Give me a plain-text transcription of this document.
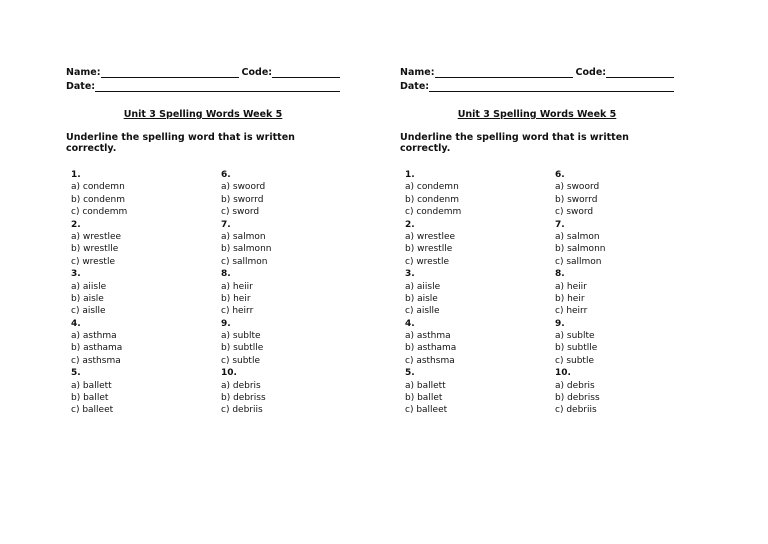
Name:	Code:
Date:
Unit 3 Spelling Words Week 5
Underline the spelling word that is written correctly.
1.
a) condemn
b) condenm
c) condemm
2.
a) wrestlee
b) wrestlle
c) wrestle
3.
a) aiisle
b) aisle
c) aislle
4.
a) asthma
b) asthama
c) asthsma
5.
a) ballett
b) ballet
c) balleet
6.
a) swoord
b) sworrd
c) sword
7.
a) salmon
b) salmonn
c) sallmon
8.
a) heiir
b) heir
c) heirr
9.
a) sublte
b) subtlle
c) subtle
10.
a) debris
b) debriss
c) debriis
Name:	Code:
Date:
Unit 3 Spelling Words Week 5
Underline the spelling word that is written correctly.
1.
a) condemn
b) condenm
c) condemm
2.
a) wrestlee
b) wrestlle
c) wrestle
3.
a) aiisle
b) aisle
c) aislle
4.
a) asthma
b) asthama
c) asthsma
5.
a) ballett
b) ballet
c) balleet
6.
a) swoord
b) sworrd
c) sword
7.
a) salmon
b) salmonn
c) sallmon
8.
a) heiir
b) heir
c) heirr
9.
a) sublte
b) subtlle
c) subtle
10.
a) debris
b) debriss
c) debriis
